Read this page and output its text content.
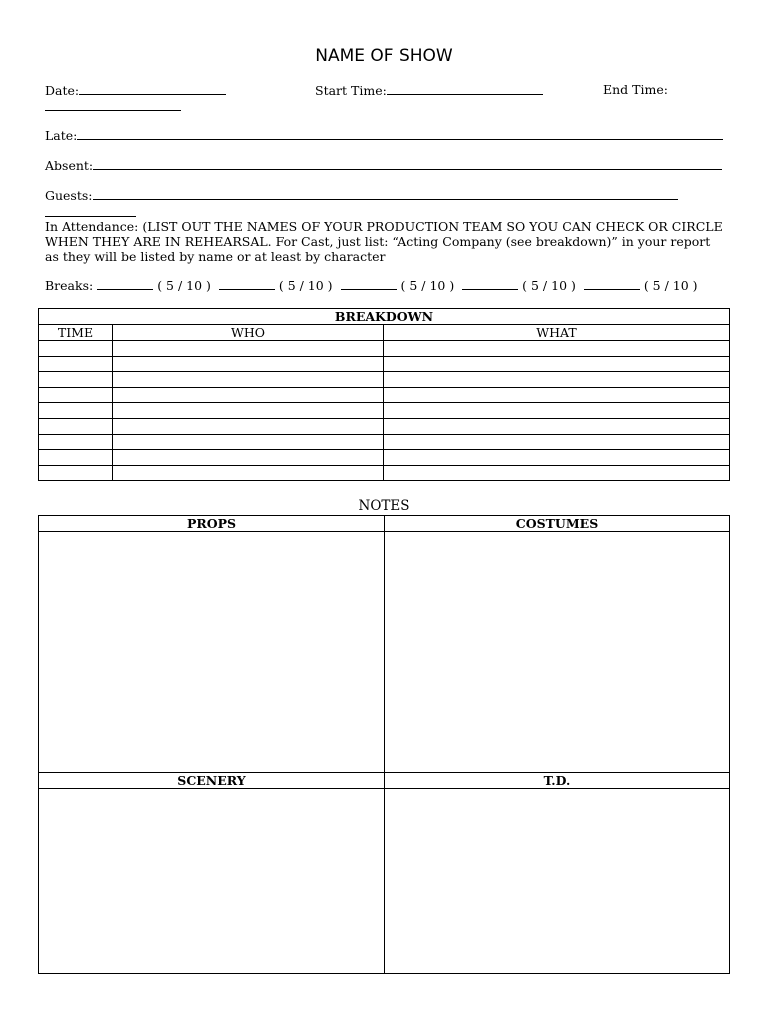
NAME OF SHOW
Date:	Start Time:	End Time:
Late:
Absent:
Guests:
In Attendance: (LIST OUT THE NAMES OF YOUR PRODUCTION TEAM SO YOU CAN CHECK OR CIRCLE WHEN THEY ARE IN REHEARSAL. For Cast, just list: “Acting Company (see breakdown)” in your report as they will be listed by name or at least by character
Breaks:	( 5 / 10 )	( 5 / 10 )	( 5 / 10 )	( 5 / 10 )	( 5 / 10 )
BREAKDOWN		
TIME	WHO	WHAT

NOTES
PROPS	COSTUMES

SCENERY	T.D.
